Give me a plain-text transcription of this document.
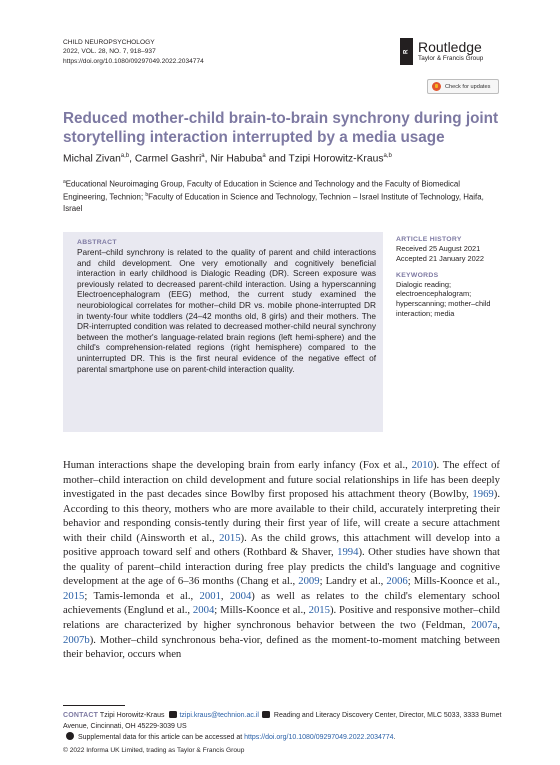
CHILD NEUROPSYCHOLOGY
2022, VOL. 28, NO. 7, 918–937
https://doi.org/10.1080/09297049.2022.2034774
R Routledge
Taylor & Francis Group
Check for updates
Reduced mother-child brain-to-brain synchrony during joint storytelling interaction interrupted by a media usage
Michal Zivan$^{a,b}$, Carmel Gashri$^a$, Nir Habuba$^a$ and Tzipi Horowitz-Kraus$^{a,b}$
$^a$Educational Neuroimaging Group, Faculty of Education in Science and Technology and the Faculty of Biomedical Engineering, Technion; $^b$Faculty of Education in Science and Technology, Technion – Israel Institute of Technology, Haifa, Israel
ABSTRACT
Parent–child synchrony is related to the quality of parent and child interactions and child development. One very emotionally and cognitively beneficial interaction in early childhood is Dialogic Reading (DR). Screen exposure was previously related to decreased parent-child interaction. Using a hyperscanning Electroencephalogram (EEG) method, the current study examined the neurobiological correlates for mother–child DR vs. mobile phone-interrupted DR in twenty-four white toddlers (24–42 months old, 8 girls) and their mothers. The DR-interrupted condition was related to decreased mother-child neural synchrony between the mother's language-related brain regions (left hemi-sphere) and the child's comprehension-related regions (right hemisphere) compared to the uninterrupted DR. This is the first neural evidence of the negative effect of parental smartphone use on parent-child interaction quality.
ARTICLE HISTORY
Received 25 August 2021
Accepted 21 January 2022
KEYWORDS
Dialogic reading; electroencephalogram; hyperscanning; mother–child interaction; media
Human interactions shape the developing brain from early infancy (Fox et al., 2010). The effect of mother–child interaction on child development and future social relationships in life has been deeply investigated in the past decades since Bowlby first proposed his attachment theory (Bowlby, 1969). According to this theory, mothers who are more available to their child, accurately interpreting their behavior and responding consis-tently during their first year of life, will create a secure attachment with their child (Ainsworth et al., 2015). As the child grows, this attachment will develop into a positive approach toward self and others (Rothbard & Shaver, 1994). Other studies have shown that the quality of parent–child interaction during free play predicts the child's language and cognitive development at the age of 6–36 months (Chang et al., 2009; Landry et al., 2006; Mills-Koonce et al., 2015; Tamis-lemonda et al., 2001, 2004) as well as relates to the child's elementary school achievements (Englund et al., 2004; Mills-Koonce et al., 2015). Positive and responsive mother–child relations are characterized by higher synchronous behavior between the two (Feldman, 2007a, 2007b). Mother–child synchronous beha-vior, defined as the moment-to-moment matching between their behavior, occurs when
CONTACT Tzipi Horowitz-Kraus tzipi.kraus@technion.ac.il Reading and Literacy Discovery Center, Director, MLC 5033, 3333 Burnet Avenue, Cincinnati, OH 45229-3039 US
Supplemental data for this article can be accessed at https://doi.org/10.1080/09297049.2022.2034774.
© 2022 Informa UK Limited, trading as Taylor & Francis Group
